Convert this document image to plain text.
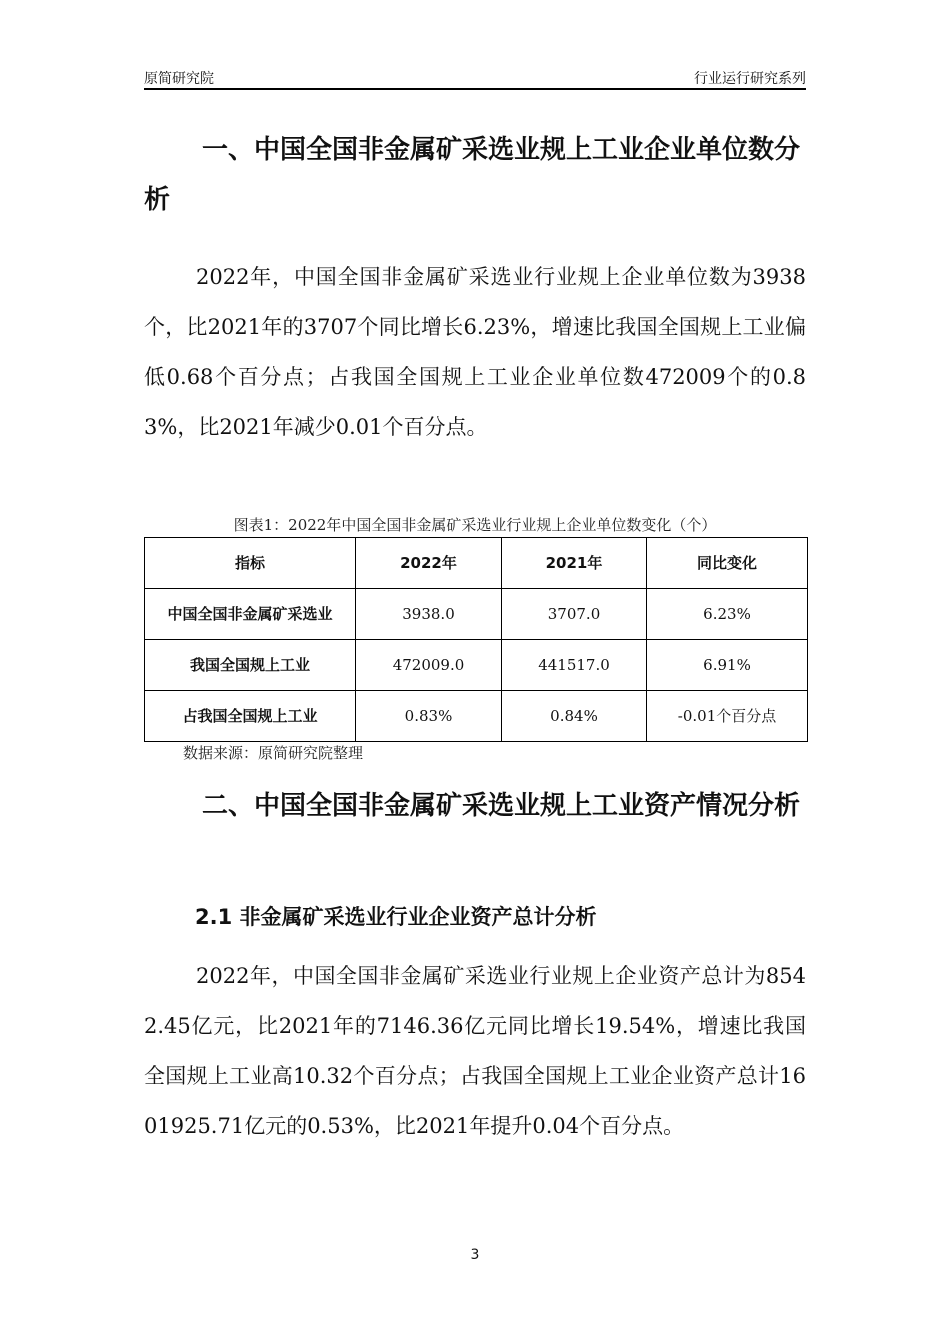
原简研究院	行业运行研究系列
一、中国全国非金属矿采选业规上工业企业单位数分析

2022年，中国全国非金属矿采选业行业规上企业单位数为3938个，比2021年的3707个同比增长6.23%，增速比我国全国规上工业偏低0.68个百分点；占我国全国规上工业企业单位数472009个的0.83%，比2021年减少0.01个百分点。

图表1：2022年中国全国非金属矿采选业行业规上企业单位数变化（个）
指标	2022年	2021年	同比变化
中国全国非金属矿采选业	3938.0	3707.0	6.23%
我国全国规上工业	472009.0	441517.0	6.91%
占我国全国规上工业	0.83%	0.84%	-0.01个百分点
数据来源：原简研究院整理
二、中国全国非金属矿采选业规上工业资产情况分析
2.1 非金属矿采选业行业企业资产总计分析

2022年，中国全国非金属矿采选业行业规上企业资产总计为8542.45亿元，比2021年的7146.36亿元同比增长19.54%，增速比我国全国规上工业高10.32个百分点；占我国全国规上工业企业资产总计1601925.71亿元的0.53%，比2021年提升0.04个百分点。

3
